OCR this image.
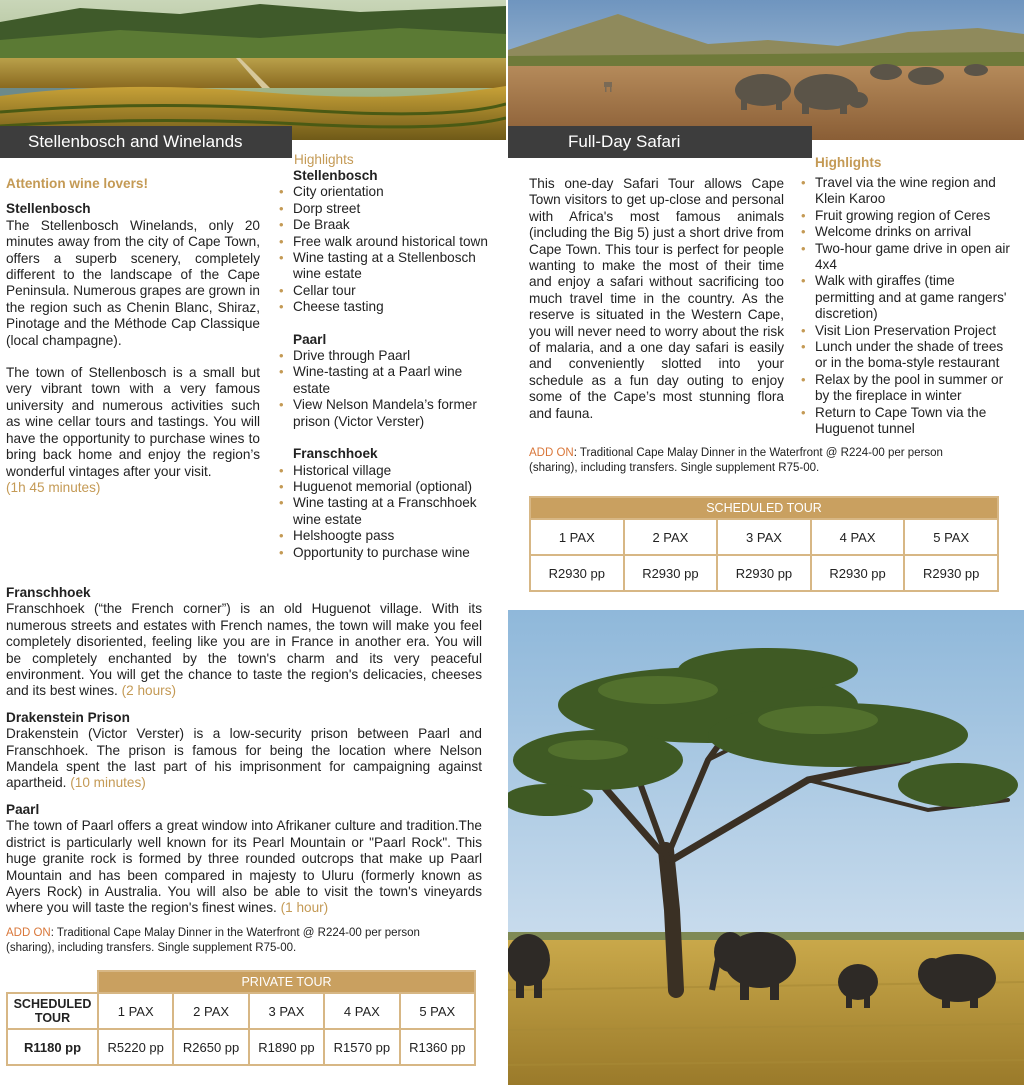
Stellenbosch and Winelands	Full-Day Safari

Attention wine lovers!

Stellenbosch

The Stellenbosch Winelands, only 20 minutes away from the city of Cape Town, offers a superb scenery, completely different to the landscape of the Cape Peninsula. Numerous grapes are grown in the region such as Chenin Blanc, Shiraz, Pinotage and the Méthode Cap Classique (local champagne).

The town of Stellenbosch is a small but very vibrant town with a very famous university and numerous activities such as wine cellar tours and tastings. You will have the opportunity to purchase wines to bring back home and enjoy the region’s wonderful vintages after your visit.

(1h 45 minutes)

Highlights
Stellenbosch
• City orientation
• Dorp street
• De Braak
• Free walk around historical town
• Wine tasting at a Stellenbosch wine estate
• Cellar tour
• Cheese tasting
Paarl
• Drive through Paarl
• Wine-tasting at a Paarl wine estate
• View Nelson Mandela’s former prison (Victor Verster)
Franschhoek
• Historical village
• Huguenot memorial (optional)
• Wine tasting at a Franschhoek wine estate
• Helshoogte pass
• Opportunity to purchase wine
Franschhoek

Franschhoek (“the French corner”) is an old Huguenot village. With its numerous streets and estates with French names, the town will make you feel completely disoriented, feeling like you are in France in another era. You will be completely enchanted by the town's charm and its very peaceful environment. You will get the chance to taste the region's delicacies, cheeses and its best wines. (2 hours)

Drakenstein Prison

Drakenstein (Victor Verster) is a low-security prison between Paarl and Franschhoek. The prison is famous for being the location where Nelson Mandela spent the last part of his imprisonment for campaigning against apartheid. (10 minutes)

Paarl

The town of Paarl offers a great window into Afrikaner culture and tradition.The district is particularly well known for its Pearl Mountain or "Paarl Rock". This huge granite rock is formed by three rounded outcrops that make up Paarl Mountain and has been compared in majesty to Uluru (formerly known as Ayers Rock) in Australia. You will also be able to visit the town's vineyards where you will taste the region's finest wines. (1 hour)

ADD ON: Traditional Cape Malay Dinner in the Waterfront @ R224-00 per person (sharing), including transfers. Single supplement R75-00.
	PRIVATE TOUR				
SCHEDULED TOUR	1 PAX	2 PAX	3 PAX	4 PAX	5 PAX
R1180 pp	R5220 pp	R2650 pp	R1890 pp	R1570 pp	R1360 pp
This one-day Safari Tour allows Cape Town visitors to get up-close and personal with Africa's most famous animals (including the Big 5) just a short drive from Cape Town. This tour is perfect for people wanting to make the most of their time and enjoy a safari without sacrificing too much travel time in the country. As the reserve is situated in the Western Cape, you will never need to worry about the risk of malaria, and a one day safari is easily and conveniently slotted into your schedule as a fun day outing to enjoy some of the Cape’s most stunning flora and fauna.
Highlights
• Travel via the wine region and Klein Karoo
• Fruit growing region of Ceres
• Welcome drinks on arrival
• Two-hour game drive in open air 4x4
• Walk with giraffes (time permitting and at game rangers' discretion)
• Visit Lion Preservation Project
• Lunch under the shade of trees or in the boma-style restaurant
• Relax by the pool in summer or by the fireplace in winter
• Return to Cape Town via the Huguenot tunnel
ADD ON: Traditional Cape Malay Dinner in the Waterfront @ R224-00 per person (sharing), including transfers. Single supplement R75-00.
SCHEDULED TOUR				
1 PAX	2 PAX	3 PAX	4 PAX	5 PAX
R2930 pp	R2930 pp	R2930 pp	R2930 pp	R2930 pp
